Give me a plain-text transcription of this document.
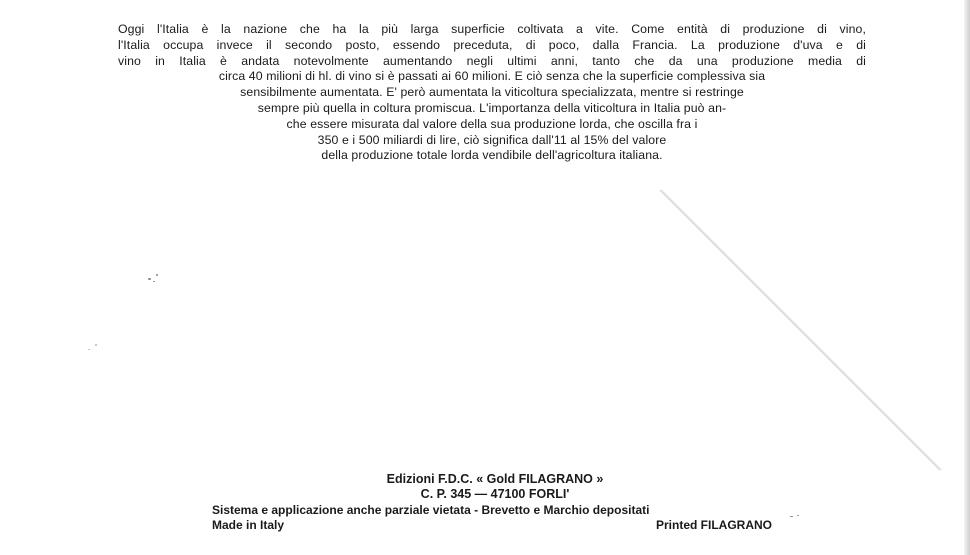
Oggi l'Italia è la nazione che ha la più larga superficie coltivata a vite. Come entità di produzione di vino,
l'Italia occupa invece il secondo posto, essendo preceduta, di poco, dalla Francia. La produzione d'uva e di
vino in Italia è andata notevolmente aumentando negli ultimi anni, tanto che da una produzione media di
circa 40 milioni di hl. di vino si è passati ai 60 milioni. E ciò senza che la superficie complessiva sia
sensibilmente aumentata. E' però aumentata la viticoltura specializzata, mentre si restringe
sempre più quella in coltura promiscua. L'importanza della viticoltura in Italia può an-
che essere misurata dal valore della sua produzione lorda, che oscilla fra i
350 e i 500 miliardi di lire, ciò significa dall'11 al 15% del valore
della produzione totale lorda vendibile dell'agricoltura italiana.
Edizioni F.D.C. « Gold FILAGRANO »
C. P. 345 — 47100 FORLI'
Sistema e applicazione anche parziale vietata - Brevetto e Marchio depositati
Made in Italy	Printed FILAGRANO
